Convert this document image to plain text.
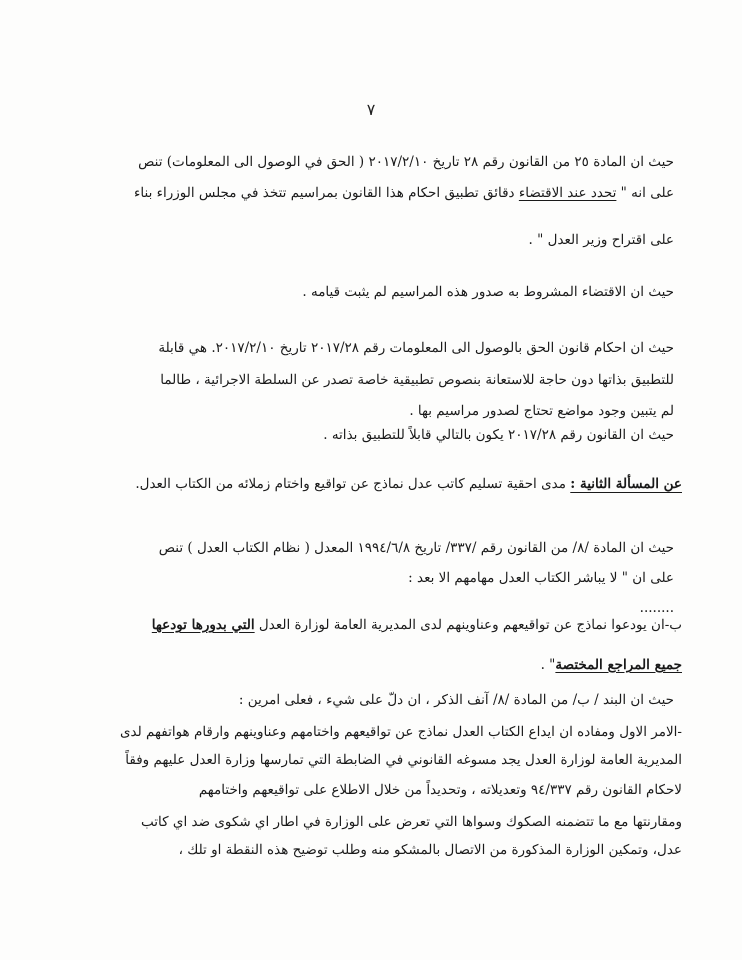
٧
حيث ان المادة ٢٥ من القانون رقم ٢٨ تاريخ ٢٠١٧/٢/١٠ ( الحق في الوصول الى المعلومات) تنص
على انه " تحدد عند الاقتضاء دقائق تطبيق احكام هذا القانون بمراسيم تتخذ في مجلس الوزراء بناء
على اقتراح وزير العدل " .
حيث ان الاقتضاء المشروط به صدور هذه المراسيم لم يثبت قيامه .
حيث ان احكام قانون الحق بالوصول الى المعلومات رقم ٢٠١٧/٢٨ تاريخ ٢٠١٧/٢/١٠. هي قابلة
للتطبيق بذاتها دون حاجة للاستعانة بنصوص تطبيقية خاصة تصدر عن السلطة الاجرائية ، طالما
لم يتبين وجود مواضع تحتاج لصدور مراسيم بها .
حيث ان القانون رقم ٢٠١٧/٢٨ يكون بالتالي قابلاً للتطبيق بذاته .
عن المسألة الثانية : مدى احقية تسليم كاتب عدل نماذج عن تواقيع واختام زملائه من الكتاب العدل.
حيث ان المادة /٨/ من القانون رقم /٣٣٧/ تاريخ ١٩٩٤/٦/٨ المعدل ( نظام الكتاب العدل ) تنص
على ان " لا يباشر الكتاب العدل مهامهم الا بعد :
........
ب-ان يودعوا نماذج عن تواقيعهم وعناوينهم لدى المديرية العامة لوزارة العدل التي بدورها تودعها
جميع المراجع المختصة" .
حيث ان البند / ب/ من المادة /٨/ آنف الذكر ، ان دلّ على شيء ، فعلى امرين :
-الامر الاول ومفاده ان ايداع الكتاب العدل نماذج عن تواقيعهم واختامهم وعناوينهم وارقام هواتفهم لدى
المديرية العامة لوزارة العدل يجد مسوغه القانوني في الضابطة التي تمارسها وزارة العدل عليهم وفقاً
لاحكام القانون رقم ٩٤/٣٣٧ وتعديلاته ، وتحديداً من خلال الاطلاع على تواقيعهم واختامهم
ومقارنتها مع ما تتضمنه الصكوك وسواها التي تعرض على الوزارة في اطار اي شكوى ضد اي كاتب
عدل، وتمكين الوزارة المذكورة من الاتصال بالمشكو منه وطلب توضيح هذه النقطة او تلك ،
